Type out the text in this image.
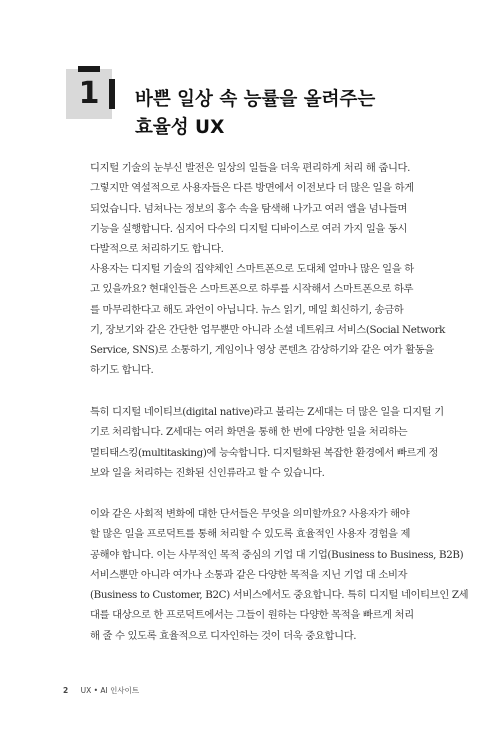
1	바쁜 일상 속 능률을 올려주는
효율성 UX
디지털 기술의 눈부신 발전은 일상의 일들을 더욱 편리하게 처리 해 줍니다.
그렇지만 역설적으로 사용자들은 다른 방면에서 이전보다 더 많은 일을 하게
되었습니다. 넘쳐나는 정보의 홍수 속을 탐색해 나가고 여러 앱을 넘나들며
기능을 실행합니다. 심지어 다수의 디지털 디바이스로 여러 가지 일을 동시
다발적으로 처리하기도 합니다.
사용자는 디지털 기술의 집약체인 스마트폰으로 도대체 얼마나 많은 일을 하
고 있을까요? 현대인들은 스마트폰으로 하루를 시작해서 스마트폰으로 하루
를 마무리한다고 해도 과언이 아닙니다. 뉴스 읽기, 메일 회신하기, 송금하
기, 장보기와 같은 간단한 업무뿐만 아니라 소셜 네트워크 서비스(Social Network
Service, SNS)로 소통하기, 게임이나 영상 콘텐츠 감상하기와 같은 여가 활동을
하기도 합니다.
특히 디지털 네이티브(digital native)라고 불리는 Z세대는 더 많은 일을 디지털 기
기로 처리합니다. Z세대는 여러 화면을 통해 한 번에 다양한 일을 처리하는
멀티태스킹(multitasking)에 능숙합니다. 디지털화된 복잡한 환경에서 빠르게 정
보와 일을 처리하는 진화된 신인류라고 할 수 있습니다.
이와 같은 사회적 변화에 대한 단서들은 무엇을 의미할까요? 사용자가 해야
할 많은 일을 프로덕트를 통해 처리할 수 있도록 효율적인 사용자 경험을 제
공해야 합니다. 이는 사무적인 목적 중심의 기업 대 기업(Business to Business, B2B)
서비스뿐만 아니라 여가나 소통과 같은 다양한 목적을 지닌 기업 대 소비자
(Business to Customer, B2C) 서비스에서도 중요합니다. 특히 디지털 네이티브인 Z세
대를 대상으로 한 프로덕트에서는 그들이 원하는 다양한 목적을 빠르게 처리
해 줄 수 있도록 효율적으로 디자인하는 것이 더욱 중요합니다.
2 UX • AI 인사이트
